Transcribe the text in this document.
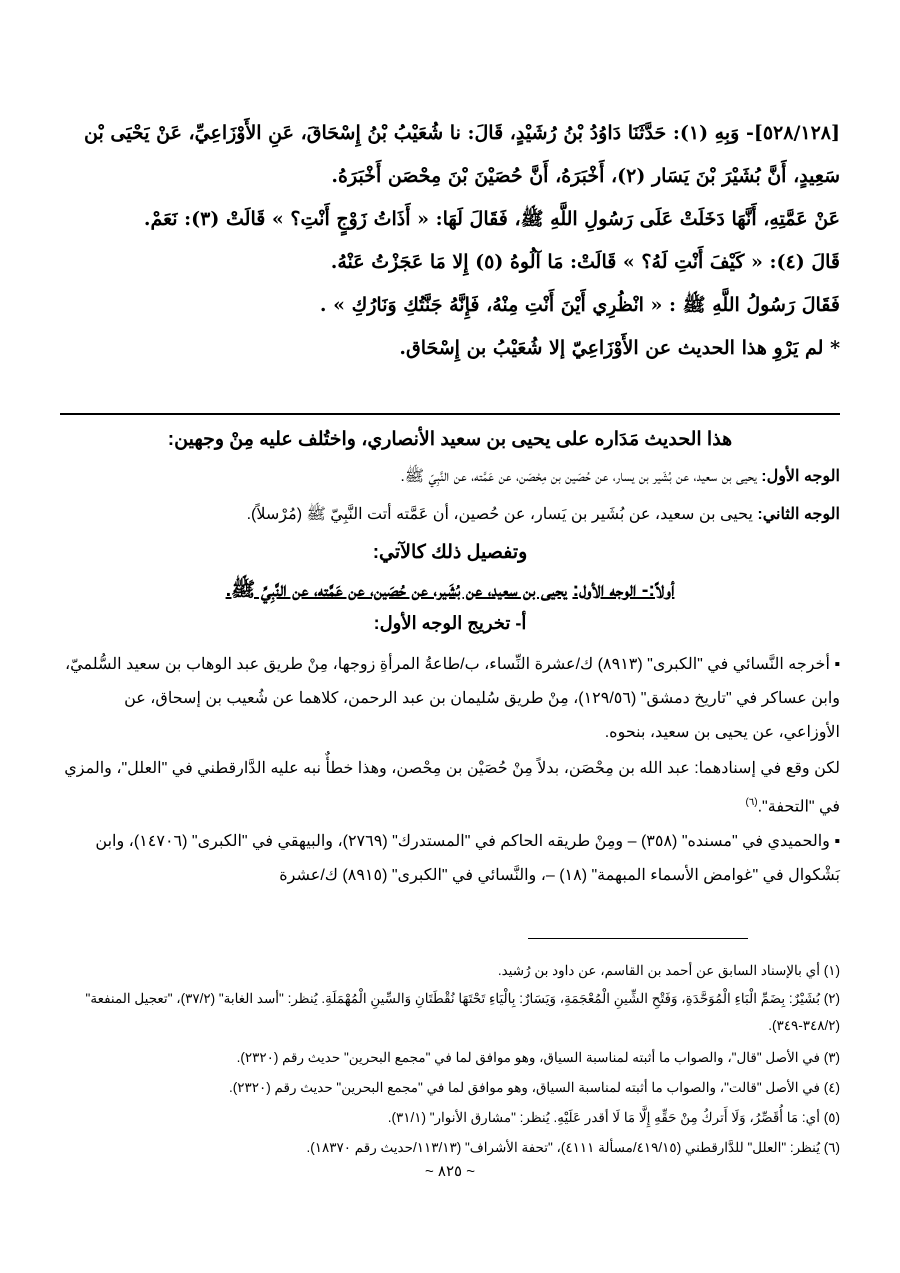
[٥٢٨/١٢٨]- وَبِهِ (١): حَدَّثَنَا دَاوُدُ بْنُ رُشَيْدٍ، قَالَ: نا شُعَيْبُ بْنُ إِسْحَاقَ، عَنِ الأَوْزَاعِيِّ، عَنْ يَحْيَى بْن
سَعِيدٍ، أَنَّ بُشَيْرَ بْنَ يَسَار (٢)، أَخْبَرَهُ، أَنَّ حُصَيْنَ بْنَ مِحْصَن أَخْبَرَهُ.
عَنْ عَمَّتِهِ، أَنَّهَا دَخَلَتْ عَلَى رَسُولِ اللَّهِ ﷺ، فَقَالَ لَهَا: « أَذَاتُ زَوْجٍ أَنْتِ؟ » قَالَتْ (٣): نَعَمْ.
قَالَ (٤): « كَيْفَ أَنْتِ لَهُ؟ » قَالَتْ: مَا آلُوهُ (٥) إِلا مَا عَجَزْتُ عَنْهُ.
فَقَالَ رَسُولُ اللَّهِ ﷺ : « انْظُرِي أَيْنَ أَنْتِ مِنْهُ، فَإِنَّهُ جَنَّتُكِ وَنَارُكِ » .
* لم يَرْوِ هذا الحديث عن الأَوْزَاعِيّ إلا شُعَيْبُ بن إِسْحَاق.
هذا الحديث مَدَاره على يحيى بن سعيد الأنصاري، واختُلف عليه مِنْ وجهين:
الوجه الأول: يحيى بن سعيد، عن بُشَير بن يسار، عن حُصَين بن مِحْصَن، عن عَمَّته، عن النَّبِيّ ﷺ.
الوجه الثاني: يحيى بن سعيد، عن بُشَير بن يَسار، عن حُصين، أن عَمَّته أتت النَّبِيّ ﷺ (مُرْسلاً).
وتفصيل ذلك كالآتي:
أولاً:- الوجه الأول: يحيى بن سعيد، عن بُشَير، عن حُصَين، عن عَمَّته، عن النَّبِيِّ ﷺ.
أ- تخريج الوجه الأول:
▪ أخرجه النَّسائي في "الكبرى" (٨٩١٣) ك/عشرة النِّساء، ب/طاعةُ المرأةِ زوجها، مِنْ طريق عبد الوهاب بن سعيد السُّلميّ، وابن عساكر في "تاريخ دمشق" (١٢٩/٥٦)، مِنْ طريق سُليمان بن عبد الرحمن، كلاهما عن شُعيب بن إسحاق، عن الأوزاعي، عن يحيى بن سعيد، بنحوه.
لكن وقع في إسنادهما: عبد الله بن مِحْصَن، بدلاً مِنْ حُصَيْن بن مِحْصن، وهذا خطأٌ نبه عليه الدَّارقطني في "العلل"، والمزي في "التحفة".$^{(٦)}$
▪ والحميدي في "مسنده" (٣٥٨) – ومِنْ طريقه الحاكم في "المستدرك" (٢٧٦٩)، والبيهقي في "الكبرى" (١٤٧٠٦)، وابن بَشْكوال في "غوامض الأسماء المبهمة" (١٨) –، والنَّسائي في "الكبرى" (٨٩١٥) ك/عشرة
(١) أي بالإسناد السابق عن أحمد بن القاسم، عن داود بن رُشيد.
(٢) بُشَيْرٌ: بِضَمِّ الْبَاءِ الْمُوَحَّدَةِ، وَفَتْحِ الشِّينِ الْمُعْجَمَةِ، وَيَسَارٌ: بِالْيَاءِ تَحْتَهَا نُقْطَتَانِ وَالسِّينِ الْمُهْمَلَةِ. يُنظر: "أسد الغابة" (٣٧/٢)، "تعجيل المنفعة" (٣٤٨/٢-٣٤٩).
(٣) في الأصل "قال"، والصواب ما أثبته لمناسبة السياق، وهو موافق لما في "مجمع البحرين" حديث رقم (٢٣٢٠).
(٤) في الأصل "قالت"، والصواب ما أثبته لمناسبة السياق، وهو موافق لما في "مجمع البحرين" حديث رقم (٢٣٢٠).
(٥) أي: مَا أُقَصِّرُ، وَلَا أَتركُ مِنْ حَقِّهِ إِلَّا مَا لَا أقدر عَلَيْهِ. يُنظر: "مشارق الأنوار" (٣١/١).
(٦) يُنظر: "العلل" للدَّارقطني (٤١٩/١٥/مسألة ٤١١١)، "تحفة الأشراف" (١١٣/١٣/حديث رقم ١٨٣٧٠).
~ ٨٢٥ ~
